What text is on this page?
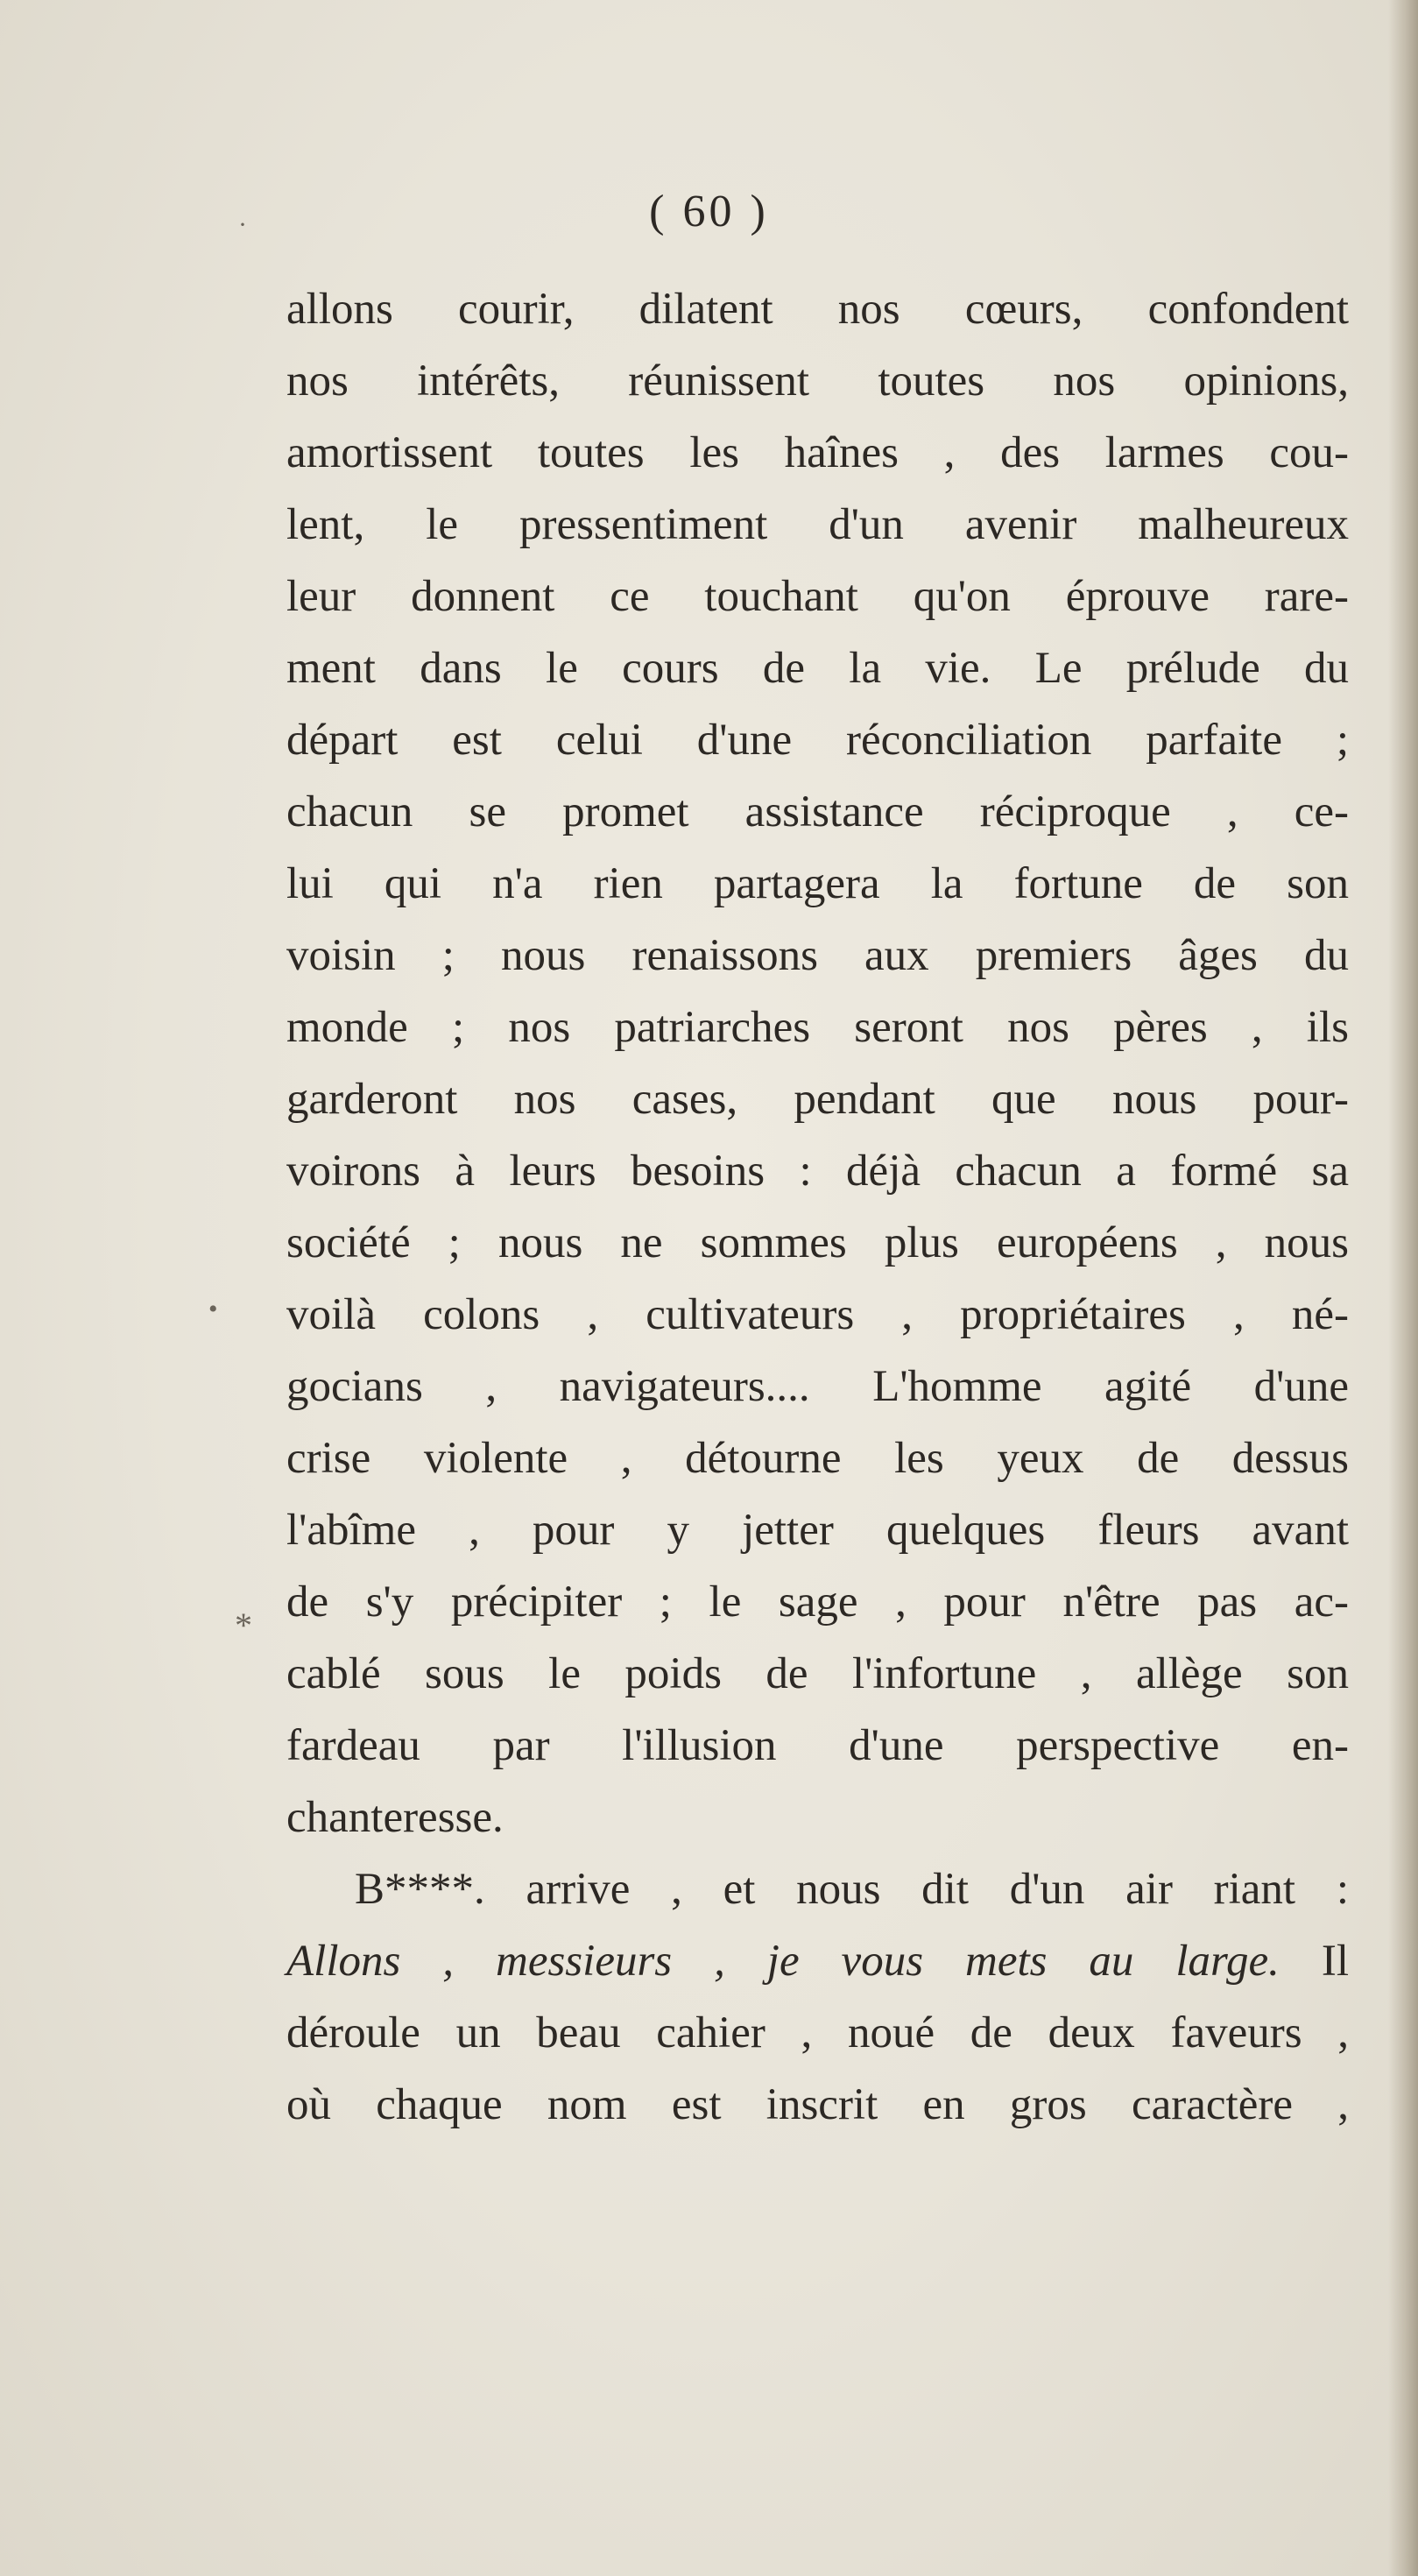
·
•
*
( 60 )
allons courir, dilatent nos cœurs, confondent
nos intérêts, réunissent toutes nos opinions,
amortissent toutes les haînes , des larmes cou-
lent, le pressentiment d'un avenir malheureux
leur donnent ce touchant qu'on éprouve rare-
ment dans le cours de la vie. Le prélude du
départ est celui d'une réconciliation parfaite ;
chacun se promet assistance réciproque , ce-
lui qui n'a rien partagera la fortune de son
voisin ; nous renaissons aux premiers âges du
monde ; nos patriarches seront nos pères , ils
garderont nos cases, pendant que nous pour-
voirons à leurs besoins : déjà chacun a formé sa
société ; nous ne sommes plus européens , nous
voilà colons , cultivateurs , propriétaires , né-
gocians , navigateurs.... L'homme agité d'une
crise violente , détourne les yeux de dessus
l'abîme , pour y jetter quelques fleurs avant
de s'y précipiter ; le sage , pour n'être pas ac-
cablé sous le poids de l'infortune , allège son
fardeau par l'illusion d'une perspective en-
chanteresse.
B****. arrive , et nous dit d'un air riant :
Allons , messieurs , je vous mets au large. Il
déroule un beau cahier , noué de deux faveurs ,
où chaque nom est inscrit en gros caractère ,
